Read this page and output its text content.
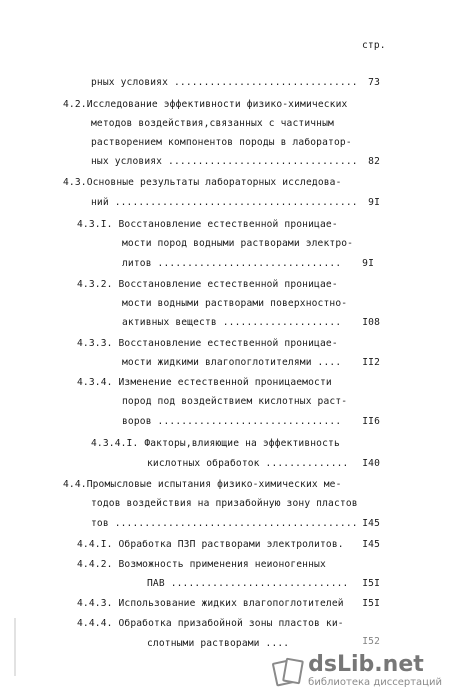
стр.
рных условиях ...............................	73
4.2.Исследование эффективности физико-химических
методов воздействия,связанных с частичным
растворением компонентов породы в лаборатор-
ных условиях ................................	82
4.3.Основные результаты лабораторных исследова-
ний .........................................	9I
4.3.I. Восстановление естественной проницае-
мости пород водными растворами электро-
литов ...............................	9I
4.3.2. Восстановление естественной проницае-
мости водными растворами поверхностно-
активных веществ ....................	I08
4.3.3. Восстановление естественной проницае-
мости жидкими влагопоглотителями ....	II2
4.3.4. Изменение естественной проницаемости
пород под воздействием кислотных раст-
воров ...............................	II6
4.3.4.I. Факторы,влияющие на эффективность
кислотных обработок ..............	I40
4.4.Промысловые испытания физико-химических ме-
тодов воздействия на призабойную зону пластов
тов ......................................... I45
4.4.I. Обработка ПЗП растворами электролитов.	I45
4.4.2. Возможность применения неионогенных
ПАВ ..............................	I5I
4.4.3. Использование жидких влагопоглотителей	I5I
4.4.4. Обработка призабойной зоны пластов ки-
слотными растворами ....	I52
dsLib.net
библиотека диссертаций
